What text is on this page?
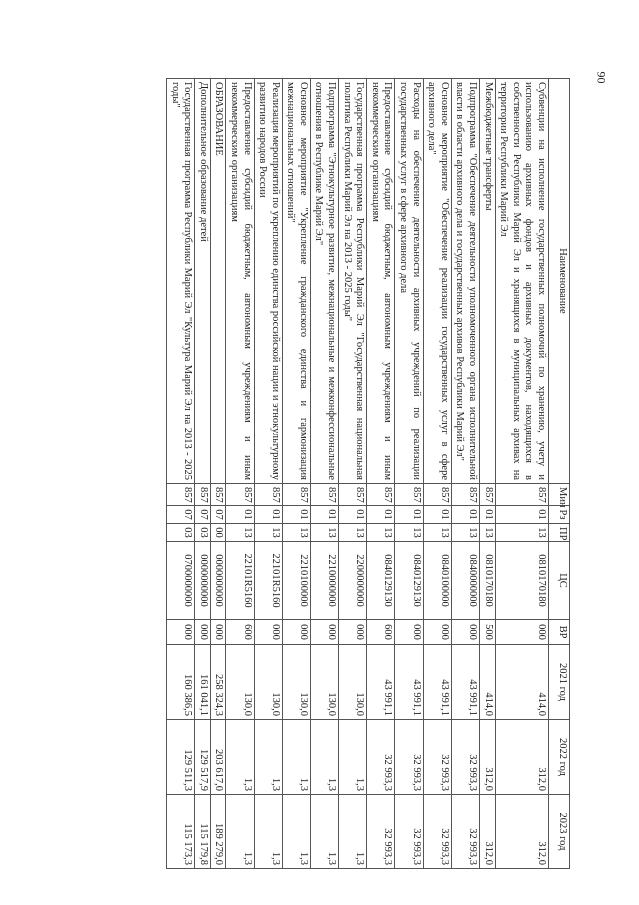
90
Наименование	Мин	Рз	ПР	ЦС	ВР	2021 год	2022 год	2023 год
Субвенции на исполнение государственных полномочий по хранению, учету и использованию архивных фондов и архивных документов, находящихся в собственности Республики Марий Эл и хранящихся в муниципальных архивах на территории Республики Марий Эл	857	01	13	0810170180	000	414,0	312,0	312,0
Межбюджетные трансферты	857	01	13	0810170180	500	414,0	312,0	312,0
Подпрограмма "Обеспечение деятельности уполномоченного органа исполнительной власти в области архивного дела и государственных архивов Республики Марий Эл"	857	01	13	0840000000	000	43 991,1	32 993,3	32 993,3
Основное мероприятие "Обеспечение реализации государственных услуг в сфере архивного дела"	857	01	13	0840100000	000	43 991,1	32 993,3	32 993,3
Расходы на обеспечение деятельности архивных учреждений по реализации государственных услуг в сфере архивного дела	857	01	13	0840129130	000	43 991,1	32 993,3	32 993,3
Предоставление субсидий бюджетным, автономным учреждениям и иным некоммерческим организациям	857	01	13	0840129130	600	43 991,1	32 993,3	32 993,3
Государственная программа Республики Марий Эл "Государственная национальная политика Республики Марий Эл на 2013 - 2025 годы"	857	01	13	2200000000	000	130,0	1,3	1,3
Подпрограмма "Этнокультурное развитие, межнациональные и межконфессиональные отношения в Республике Марий Эл"	857	01	13	2210000000	000	130,0	1,3	1,3
Основное мероприятие "Укрепление гражданского единства и гармонизация межнациональных отношений"	857	01	13	2210100000	000	130,0	1,3	1,3
Реализация мероприятий по укреплению единства российской нации и этнокультурному развитию народов России	857	01	13	22101R5160	000	130,0	1,3	1,3
Предоставление субсидий бюджетным, автономным учреждениям и иным некоммерческим организациям	857	01	13	22101R5160	600	130,0	1,3	1,3
ОБРАЗОВАНИЕ	857	07	00	0000000000	000	258 324,3	203 617,0	189 279,0
Дополнительное образование детей	857	07	03	0000000000	000	161 041,1	129 517,9	115 179,8
Государственная программа Республики Марий Эл "Культура Марий Эл на 2013 - 2025 годы"	857	07	03	0700000000	000	160 386,5	129 511,3	115 173,3
